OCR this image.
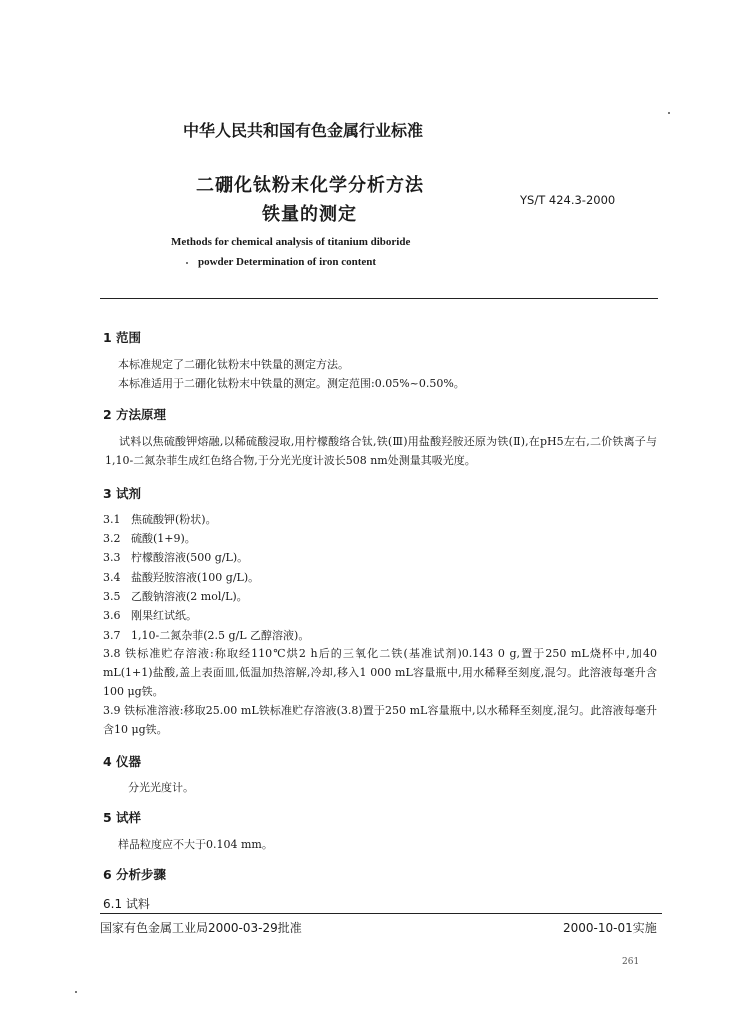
中华人民共和国有色金属行业标准
二硼化钛粉末化学分析方法
铁量的测定
YS/T 424.3-2000
Methods for chemical analysis of titanium diboride
powder Determination of iron content
1 范围
本标准规定了二硼化钛粉末中铁量的测定方法。
本标准适用于二硼化钛粉末中铁量的测定。测定范围:0.05%~0.50%。
2 方法原理
试料以焦硫酸钾熔融,以稀硫酸浸取,用柠檬酸络合钛,铁(Ⅲ)用盐酸羟胺还原为铁(Ⅱ),在pH5左右,二价铁离子与1,10-二氮杂菲生成红色络合物,于分光光度计波长508 nm处测量其吸光度。
3 试剂
3.1 焦硫酸钾(粉状)。
3.2 硫酸(1+9)。
3.3 柠檬酸溶液(500 g/L)。
3.4 盐酸羟胺溶液(100 g/L)。
3.5 乙酸钠溶液(2 mol/L)。
3.6 刚果红试纸。
3.7 1,10-二氮杂菲(2.5 g/L 乙醇溶液)。
3.8 铁标准贮存溶液:称取经110℃烘2 h后的三氧化二铁(基准试剂)0.143 0 g,置于250 mL烧杯中,加40 mL(1+1)盐酸,盖上表面皿,低温加热溶解,冷却,移入1 000 mL容量瓶中,用水稀释至刻度,混匀。此溶液每毫升含100 μg铁。
3.9 铁标准溶液:移取25.00 mL铁标准贮存溶液(3.8)置于250 mL容量瓶中,以水稀释至刻度,混匀。此溶液每毫升含10 μg铁。
4 仪器
分光光度计。
5 试样
样品粒度应不大于0.104 mm。
6 分析步骤
6.1 试料
国家有色金属工业局2000-03-29批准	2000-10-01实施
261
